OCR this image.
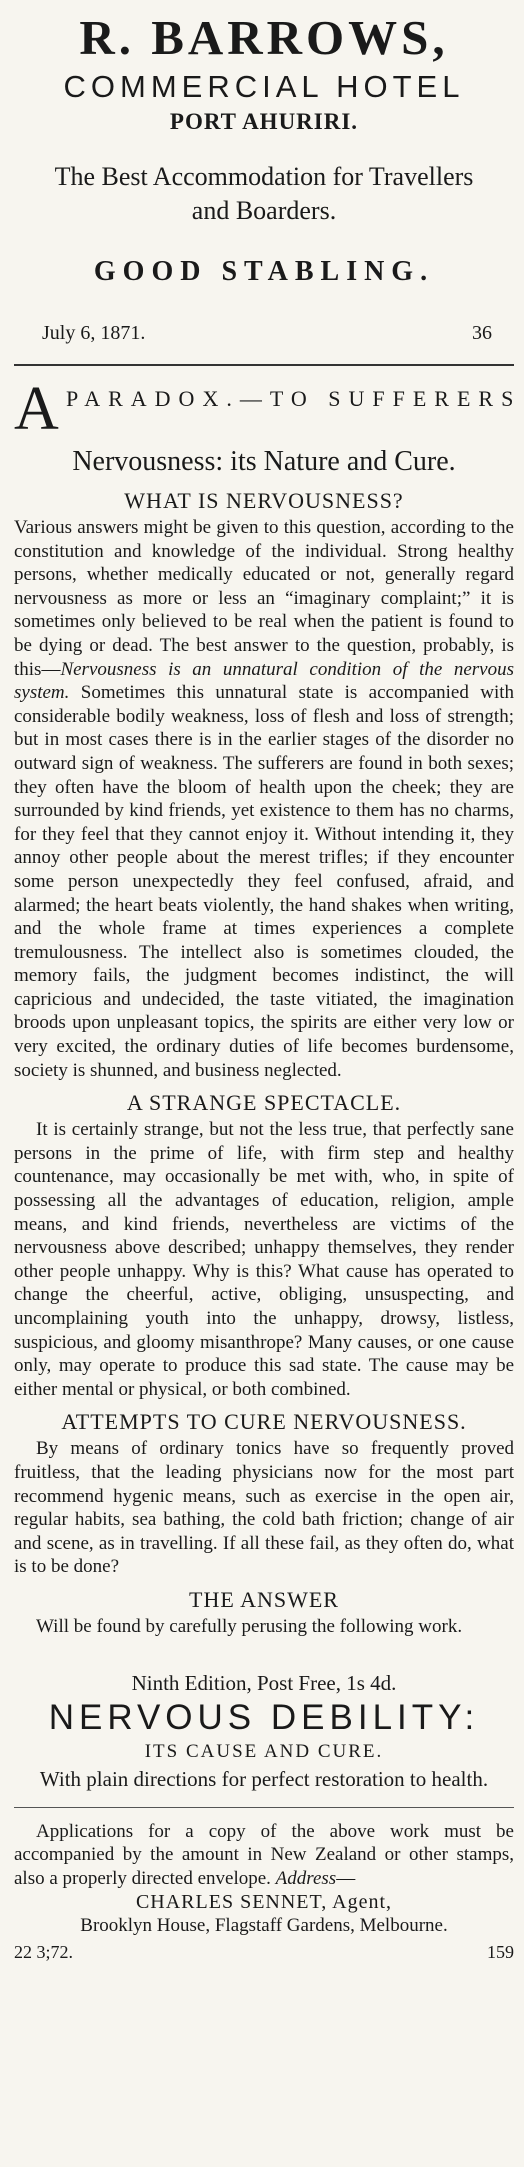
R. BARROWS,
COMMERCIAL HOTEL
PORT AHURIRI.
The Best Accommodation for Travellers
and Boarders.
GOOD STABLING.
July 6, 1871.	36
A PARADOX.—TO SUFFERERS
Nervousness: its Nature and Cure.
WHAT IS NERVOUSNESS?

Various answers might be given to this question, according to the constitution and knowledge of the individual. Strong healthy persons, whether medically educated or not, generally regard nervousness as more or less an “imaginary complaint;” it is sometimes only believed to be real when the patient is found to be dying or dead. The best answer to the question, probably, is this—Nervousness is an unnatural condition of the nervous system. Sometimes this unnatural state is accompanied with considerable bodily weakness, loss of flesh and loss of strength; but in most cases there is in the earlier stages of the disorder no outward sign of weakness. The sufferers are found in both sexes; they often have the bloom of health upon the cheek; they are surrounded by kind friends, yet existence to them has no charms, for they feel that they cannot enjoy it. Without intending it, they annoy other people about the merest trifles; if they encounter some person unexpectedly they feel confused, afraid, and alarmed; the heart beats violently, the hand shakes when writing, and the whole frame at times experiences a complete tremulousness. The intellect also is sometimes clouded, the memory fails, the judgment becomes indistinct, the will capricious and undecided, the taste vitiated, the imagination broods upon unpleasant topics, the spirits are either very low or very excited, the ordinary duties of life becomes burdensome, society is shunned, and business neglected.

A STRANGE SPECTACLE.

It is certainly strange, but not the less true, that perfectly sane persons in the prime of life, with firm step and healthy countenance, may occasionally be met with, who, in spite of possessing all the advantages of education, religion, ample means, and kind friends, nevertheless are victims of the nervousness above described; unhappy themselves, they render other people unhappy. Why is this? What cause has operated to change the cheerful, active, obliging, unsuspecting, and uncomplaining youth into the unhappy, drowsy, listless, suspicious, and gloomy misanthrope? Many causes, or one cause only, may operate to produce this sad state. The cause may be either mental or physical, or both combined.

ATTEMPTS TO CURE NERVOUSNESS.

By means of ordinary tonics have so frequently proved fruitless, that the leading physicians now for the most part recommend hygenic means, such as exercise in the open air, regular habits, sea bathing, the cold bath friction; change of air and scene, as in travelling. If all these fail, as they often do, what is to be done?

THE ANSWER

Will be found by carefully perusing the following work.

Ninth Edition, Post Free, 1s 4d.
NERVOUS DEBILITY:
ITS CAUSE AND CURE.
With plain directions for perfect restoration to health.

Applications for a copy of the above work must be accompanied by the amount in New Zealand or other stamps, also a properly directed envelope. Address—

CHARLES SENNET, Agent,
Brooklyn House, Flagstaff Gardens, Melbourne.
22 3;72.	159
